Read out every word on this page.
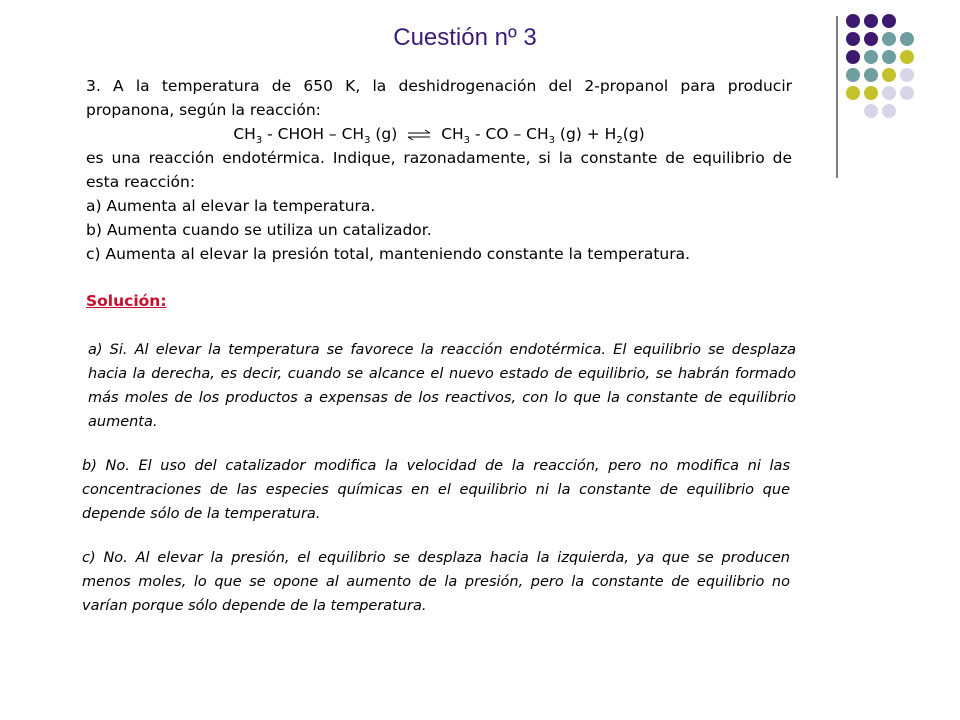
Cuestión nº 3

3. A la temperatura de 650 K, la deshidrogenación del 2-propanol para producir propanona, según la reacción:

$CH_3$ - CHOH – $CH_3$ (g) ⇌ $CH_3$ - CO – $CH_3$ $(g) + H_2(g)$

es una reacción endotérmica. Indique, razonadamente, si la constante de equilibrio de esta reacción:

a) Aumenta al elevar la temperatura.

b) Aumenta cuando se utiliza un catalizador.

c) Aumenta al elevar la presión total, manteniendo constante la temperatura.

Solución:
a) Si. Al elevar la temperatura se favorece la reacción endotérmica. El equilibrio se desplaza hacia la derecha, es decir, cuando se alcance el nuevo estado de equilibrio, se habrán formado más moles de los productos a expensas de los reactivos, con lo que la constante de equilibrio aumenta.
b) No. El uso del catalizador modifica la velocidad de la reacción, pero no modifica ni las concentraciones de las especies químicas en el equilibrio ni la constante de equilibrio que depende sólo de la temperatura.
c) No. Al elevar la presión, el equilibrio se desplaza hacia la izquierda, ya que se producen menos moles, lo que se opone al aumento de la presión, pero la constante de equilibrio no varían porque sólo depende de la temperatura.
